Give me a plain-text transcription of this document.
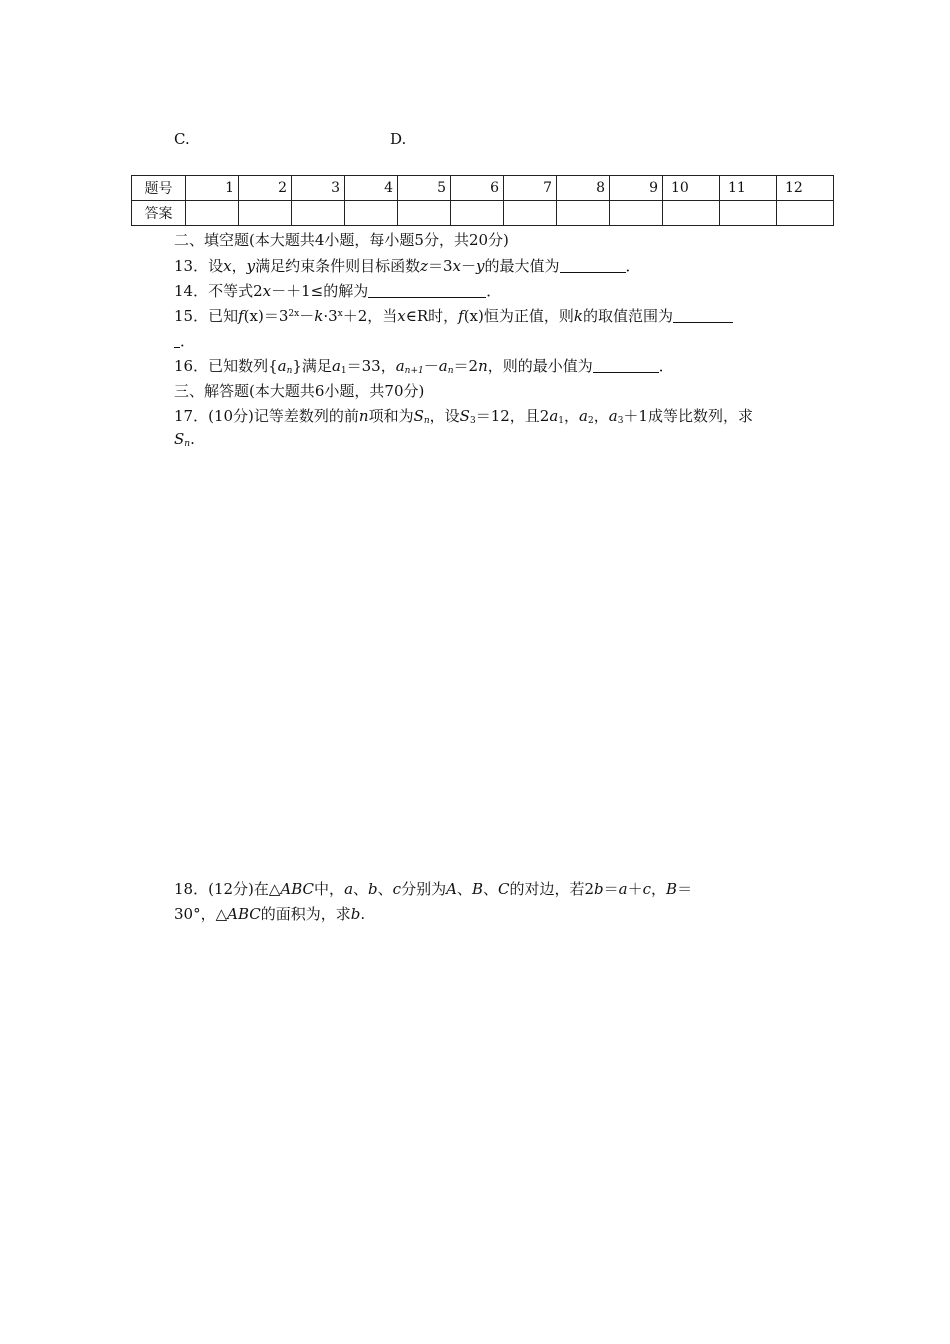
C.	D.
题号	1	2	3	4	5	6	7	8	9	10	11	12
答案												
二、填空题(本大题共4小题，每小题5分，共20分)
13．设x，y满足约束条件则目标函数z＝3x－y的最大值为	．
14．不等式2x－＋1≤的解为	．
15．已知$f(x)=3^{2x}-k\cdot 3^x+2$，当x∈R时，f(x)恒为正值，则k的取值范围为
．
16．已知数列$\{a_n\}$满足$a_1=33$，$a_{n+1}-a_n=2n$，则的最小值为	．
三、解答题(本大题共6小题，共70分)
17．(10分)记等差数列的前n项和为$S_n$，设$S_3=12$，且$2a_1$，$a_2$，$a_3+1$成等比数列，求
$S_n$.
18．(12分)在△ABC中，a、b、c分别为A、B、C的对边，若2b＝a＋c，B＝
30°，△ABC的面积为，求b.
